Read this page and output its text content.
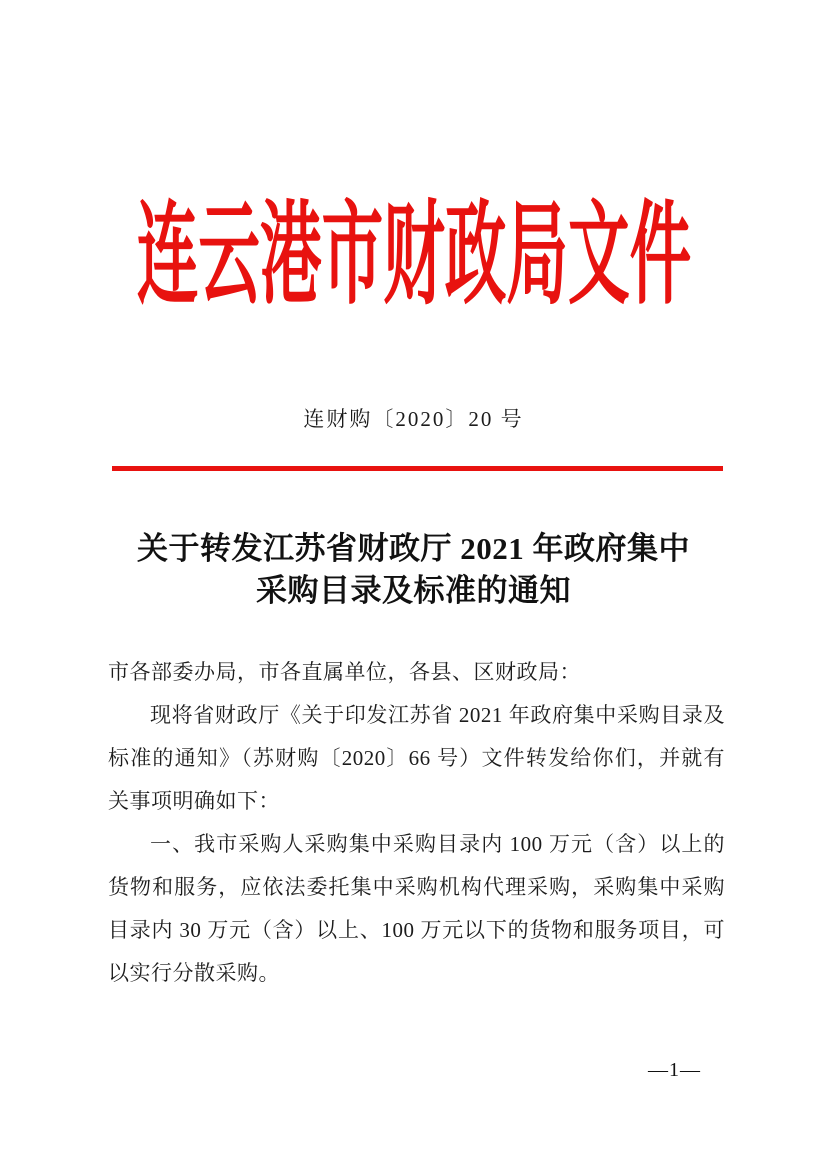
连云港市财政局文件
连财购〔2020〕20 号
关于转发江苏省财政厅 2021 年政府集中
采购目录及标准的通知
市各部委办局，市各直属单位，各县、区财政局：
现将省财政厅《关于印发江苏省 2021 年政府集中采购目录及
标准的通知》（苏财购〔2020〕66 号）文件转发给你们，并就有
关事项明确如下：
一、我市采购人采购集中采购目录内 100 万元（含）以上的
货物和服务，应依法委托集中采购机构代理采购，采购集中采购
目录内 30 万元（含）以上、100 万元以下的货物和服务项目，可
以实行分散采购。
—1—
